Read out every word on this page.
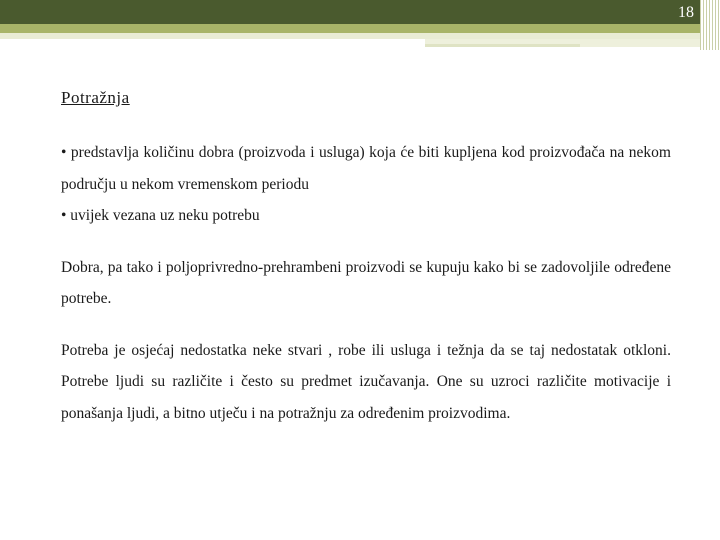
18
Potražnja

• predstavlja količinu dobra (proizvoda i usluga) koja će biti kupljena kod proizvođača na nekom području u nekom vremenskom periodu

• uvijek vezana uz neku potrebu

Dobra, pa tako i poljoprivredno-prehrambeni proizvodi se kupuju kako bi se zadovoljile određene potrebe.

Potreba je osjećaj nedostatka neke stvari , robe ili usluga i težnja da se taj nedostatak otkloni. Potrebe ljudi su različite i često su predmet izučavanja. One su uzroci različite motivacije i ponašanja ljudi, a bitno utječu i na potražnju za određenim proizvodima.
